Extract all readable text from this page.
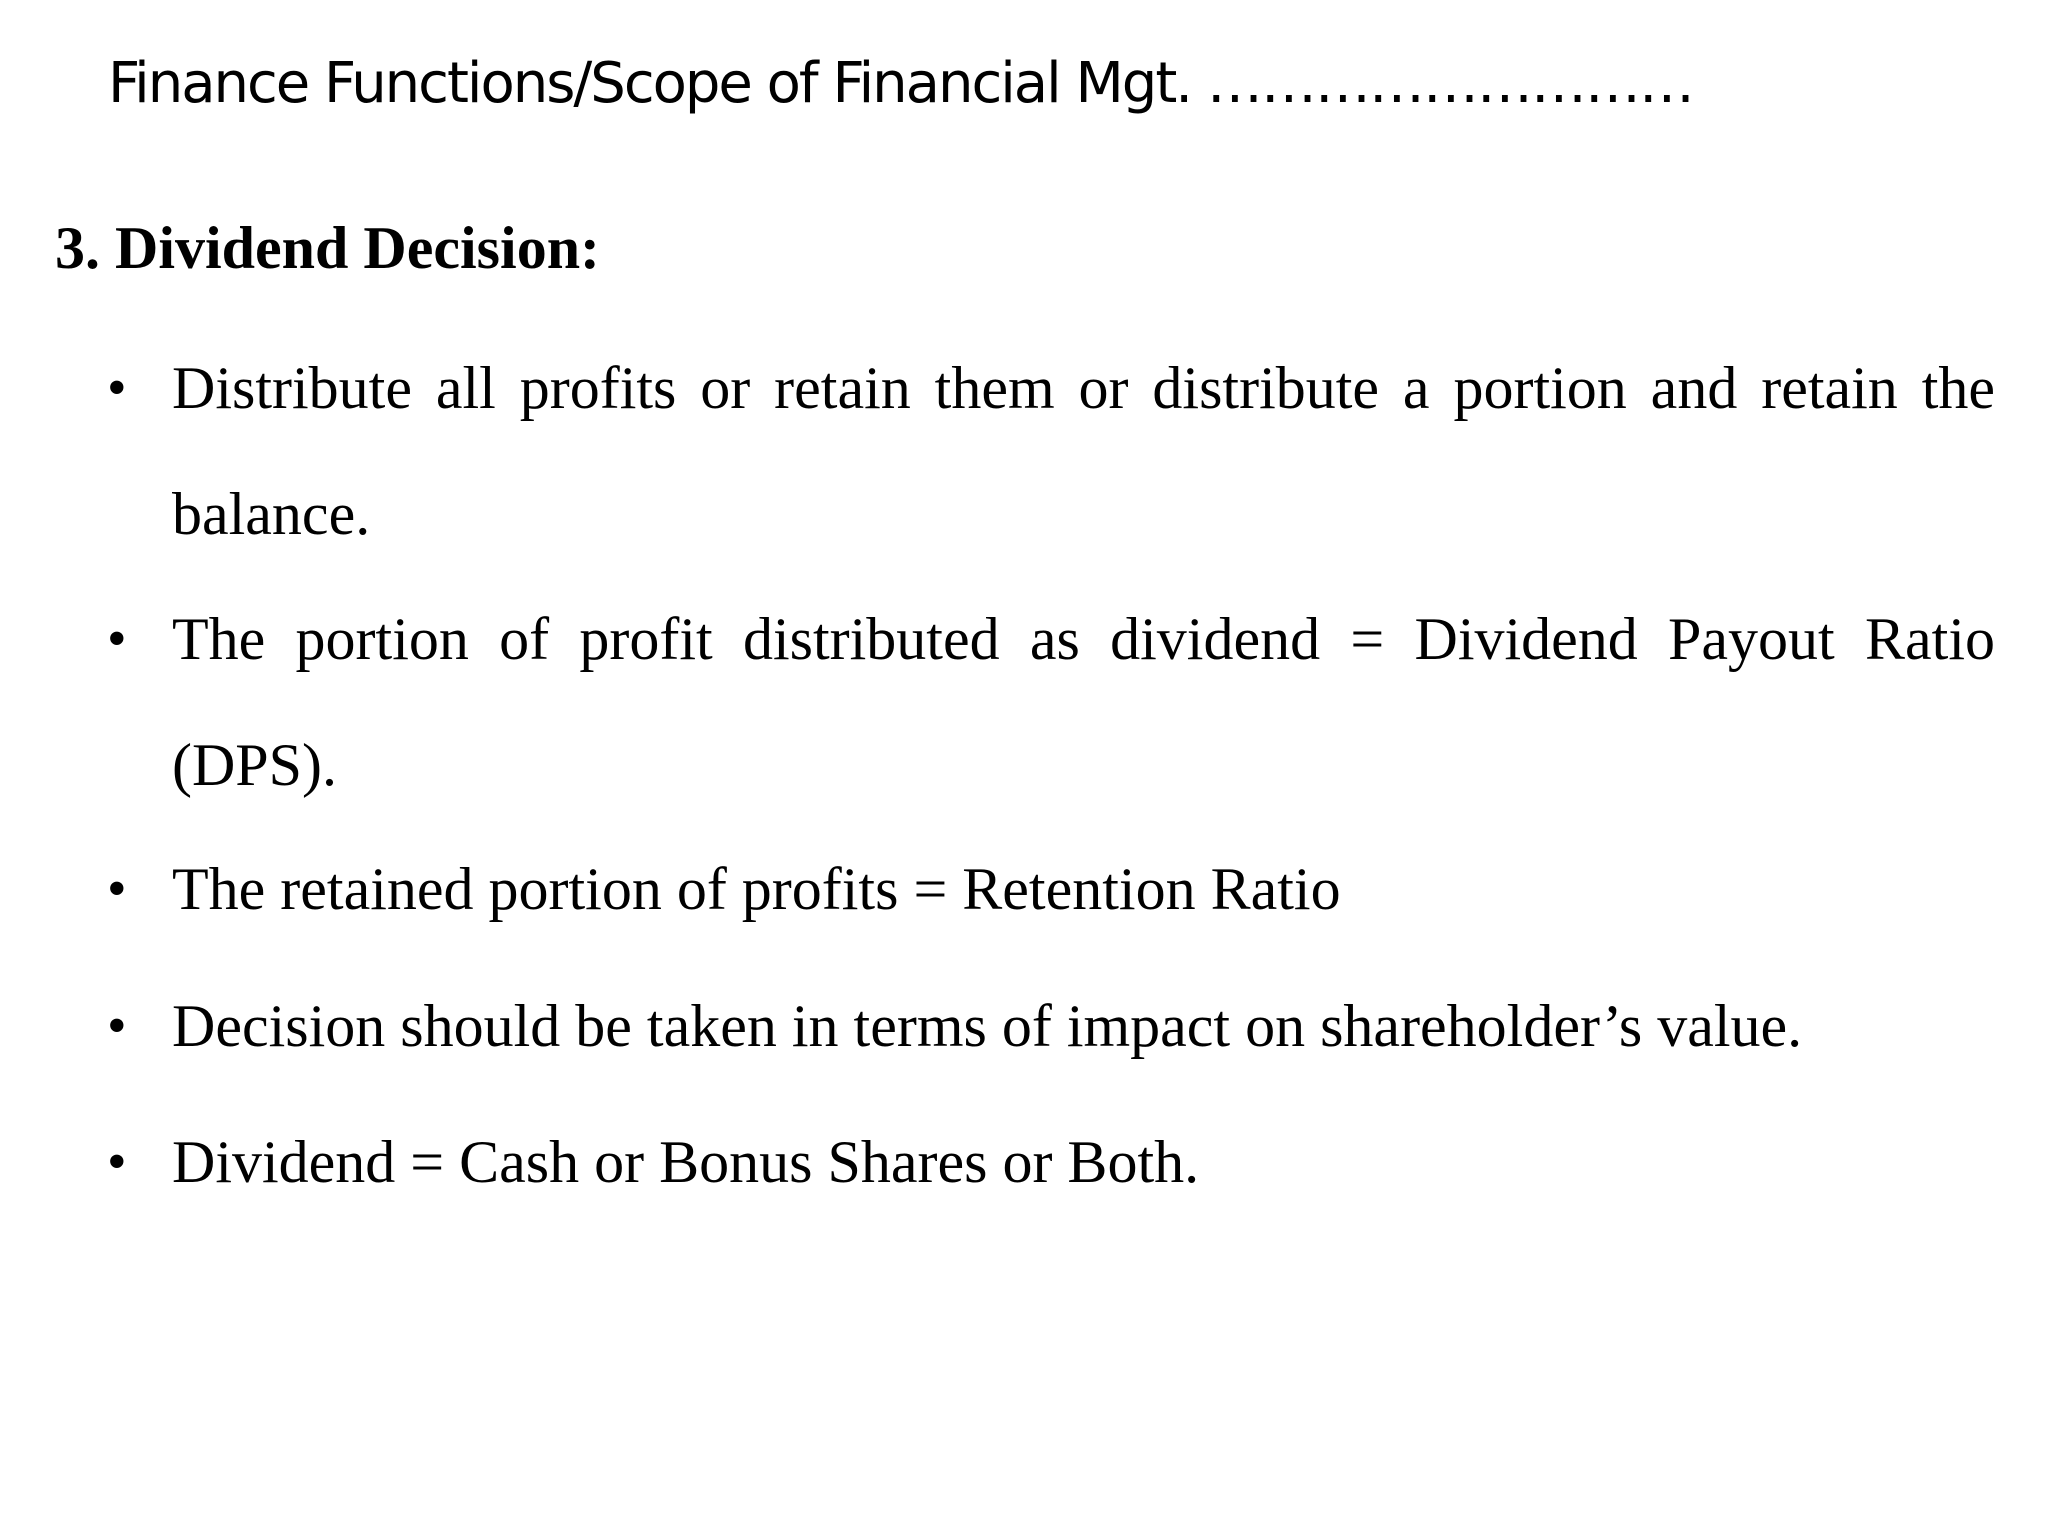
Finance Functions/Scope of Financial Mgt. ………………………
3. Dividend Decision:
• Distribute all profits or retain them or distribute a portion and retain the balance.
• The portion of profit distributed as dividend = Dividend Payout Ratio (DPS).
• The retained portion of profits = Retention Ratio
• Decision should be taken in terms of impact on shareholder’s value.
• Dividend = Cash or Bonus Shares or Both.
